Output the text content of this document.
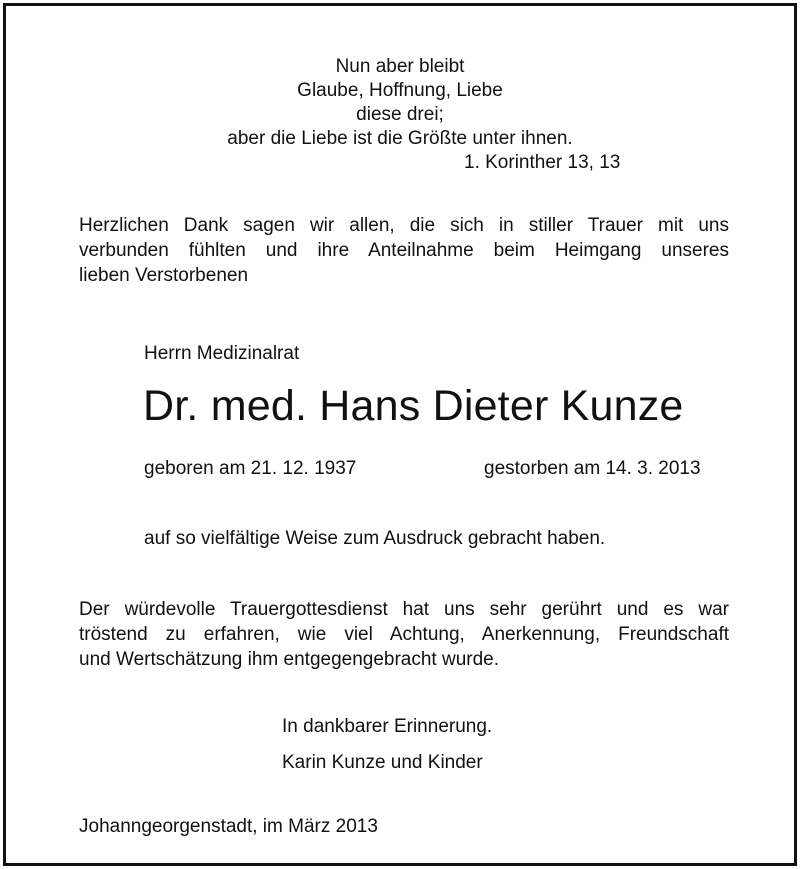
Nun aber bleibt
Glaube, Hoffnung, Liebe
diese drei;
aber die Liebe ist die Größte unter ihnen.
1. Korinther 13, 13
Herzlichen Dank sagen wir allen, die sich in stiller Trauer mit uns
verbunden fühlten und ihre Anteilnahme beim Heimgang unseres
lieben Verstorbenen
Herrn Medizinalrat
Dr. med. Hans Dieter Kunze
geboren am 21. 12. 1937	gestorben am 14. 3. 2013
auf so vielfältige Weise zum Ausdruck gebracht haben.
Der würdevolle Trauergottesdienst hat uns sehr gerührt und es war
tröstend zu erfahren, wie viel Achtung, Anerkennung, Freundschaft
und Wertschätzung ihm entgegengebracht wurde.
In dankbarer Erinnerung.
Karin Kunze und Kinder
Johanngeorgenstadt, im März 2013
